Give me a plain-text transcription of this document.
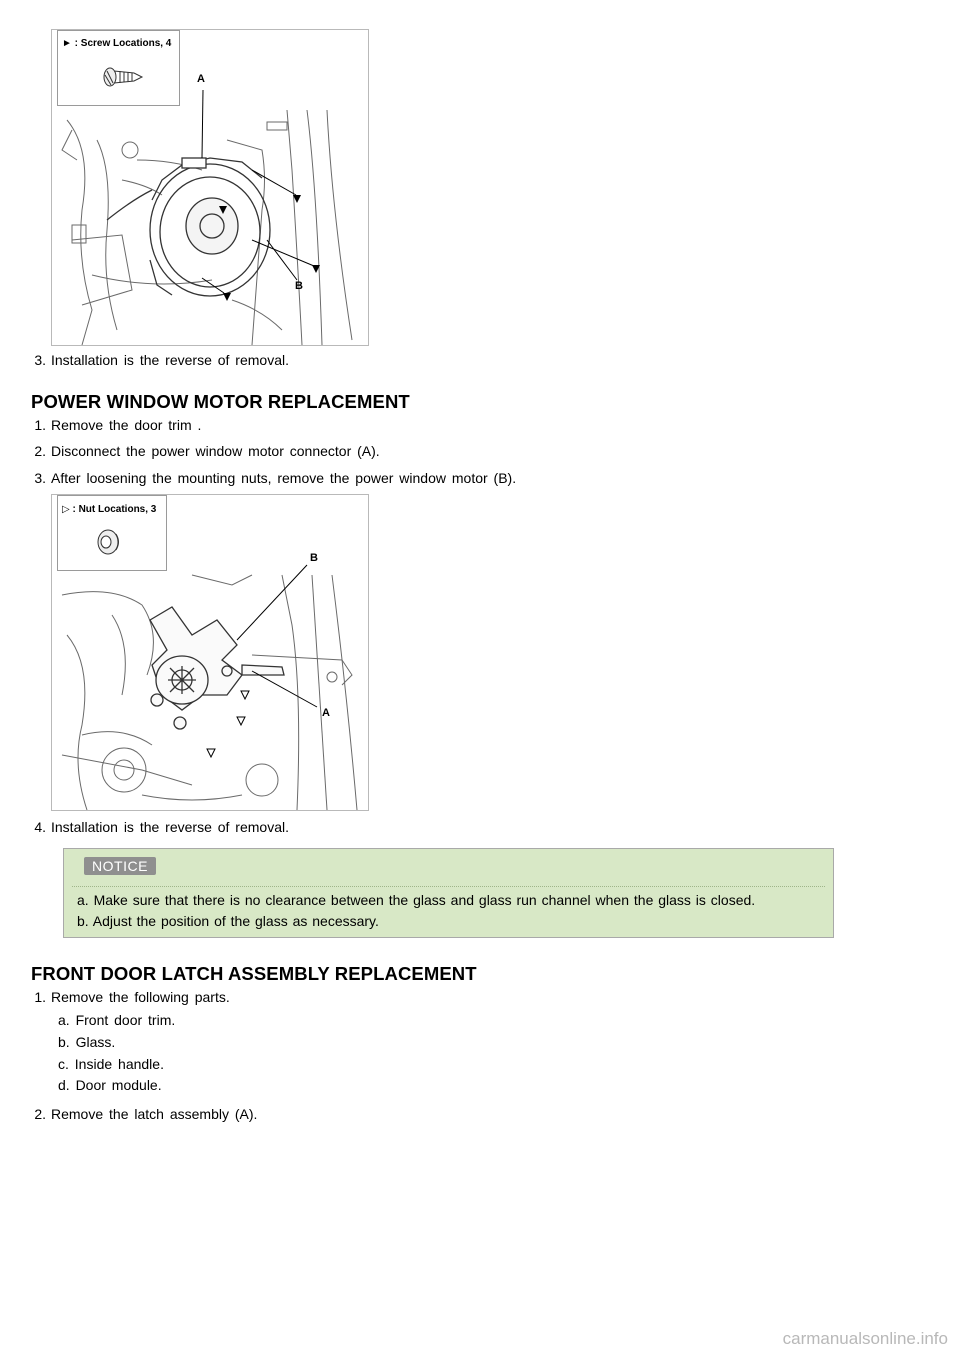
► : Screw Locations, 4
A
B
3. Installation is the reverse of removal.
POWER WINDOW MOTOR REPLACEMENT
1. Remove the door trim .
2. Disconnect the power window motor connector (A).
3. After loosening the mounting nuts, remove the power window motor (B).
▷ : Nut Locations, 3
B
A
4. Installation is the reverse of removal.
NOTICE
a. Make sure that there is no clearance between the glass and glass run channel when the glass is closed.
b. Adjust the position of the glass as necessary.
FRONT DOOR LATCH ASSEMBLY REPLACEMENT
1. Remove the following parts.
a. Front door trim.
b. Glass.
c. Inside handle.
d. Door module.
2. Remove the latch assembly (A).
carmanualsonline.info
